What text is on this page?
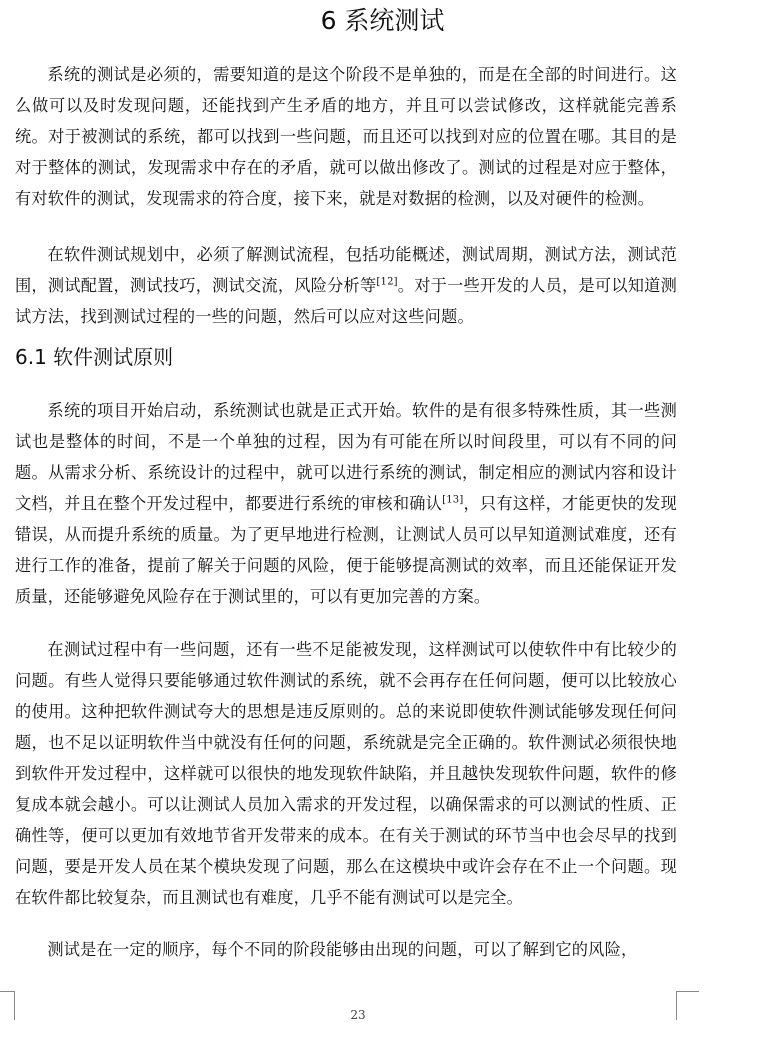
6 系统测试

系统的测试是必须的，需要知道的是这个阶段不是单独的，而是在全部的时间进行。这么做可以及时发现问题，还能找到产生矛盾的地方，并且可以尝试修改，这样就能完善系统。对于被测试的系统，都可以找到一些问题，而且还可以找到对应的位置在哪。其目的是对于整体的测试，发现需求中存在的矛盾，就可以做出修改了。测试的过程是对应于整体，有对软件的测试，发现需求的符合度，接下来，就是对数据的检测，以及对硬件的检测。

在软件测试规划中，必须了解测试流程，包括功能概述，测试周期，测试方法，测试范围，测试配置，测试技巧，测试交流，风险分析等[12]。对于一些开发的人员，是可以知道测试方法，找到测试过程的一些的问题，然后可以应对这些问题。

6.1 软件测试原则

系统的项目开始启动，系统测试也就是正式开始。软件的是有很多特殊性质，其一些测试也是整体的时间，不是一个单独的过程，因为有可能在所以时间段里，可以有不同的问题。从需求分析、系统设计的过程中，就可以进行系统的测试，制定相应的测试内容和设计文档，并且在整个开发过程中，都要进行系统的审核和确认[13]，只有这样，才能更快的发现错误，从而提升系统的质量。为了更早地进行检测，让测试人员可以早知道测试难度，还有进行工作的准备，提前了解关于问题的风险，便于能够提高测试的效率，而且还能保证开发质量，还能够避免风险存在于测试里的，可以有更加完善的方案。

在测试过程中有一些问题，还有一些不足能被发现，这样测试可以使软件中有比较少的问题。有些人觉得只要能够通过软件测试的系统，就不会再存在任何问题，便可以比较放心的使用。这种把软件测试夸大的思想是违反原则的。总的来说即使软件测试能够发现任何问题，也不足以证明软件当中就没有任何的问题，系统就是完全正确的。软件测试必须很快地到软件开发过程中，这样就可以很快的地发现软件缺陷，并且越快发现软件问题，软件的修复成本就会越小。可以让测试人员加入需求的开发过程，以确保需求的可以测试的性质、正确性等，便可以更加有效地节省开发带来的成本。在有关于测试的环节当中也会尽早的找到问题，要是开发人员在某个模块发现了问题，那么在这模块中或许会存在不止一个问题。现在软件都比较复杂，而且测试也有难度，几乎不能有测试可以是完全。

测试是在一定的顺序，每个不同的阶段能够由出现的问题，可以了解到它的风险，

23
